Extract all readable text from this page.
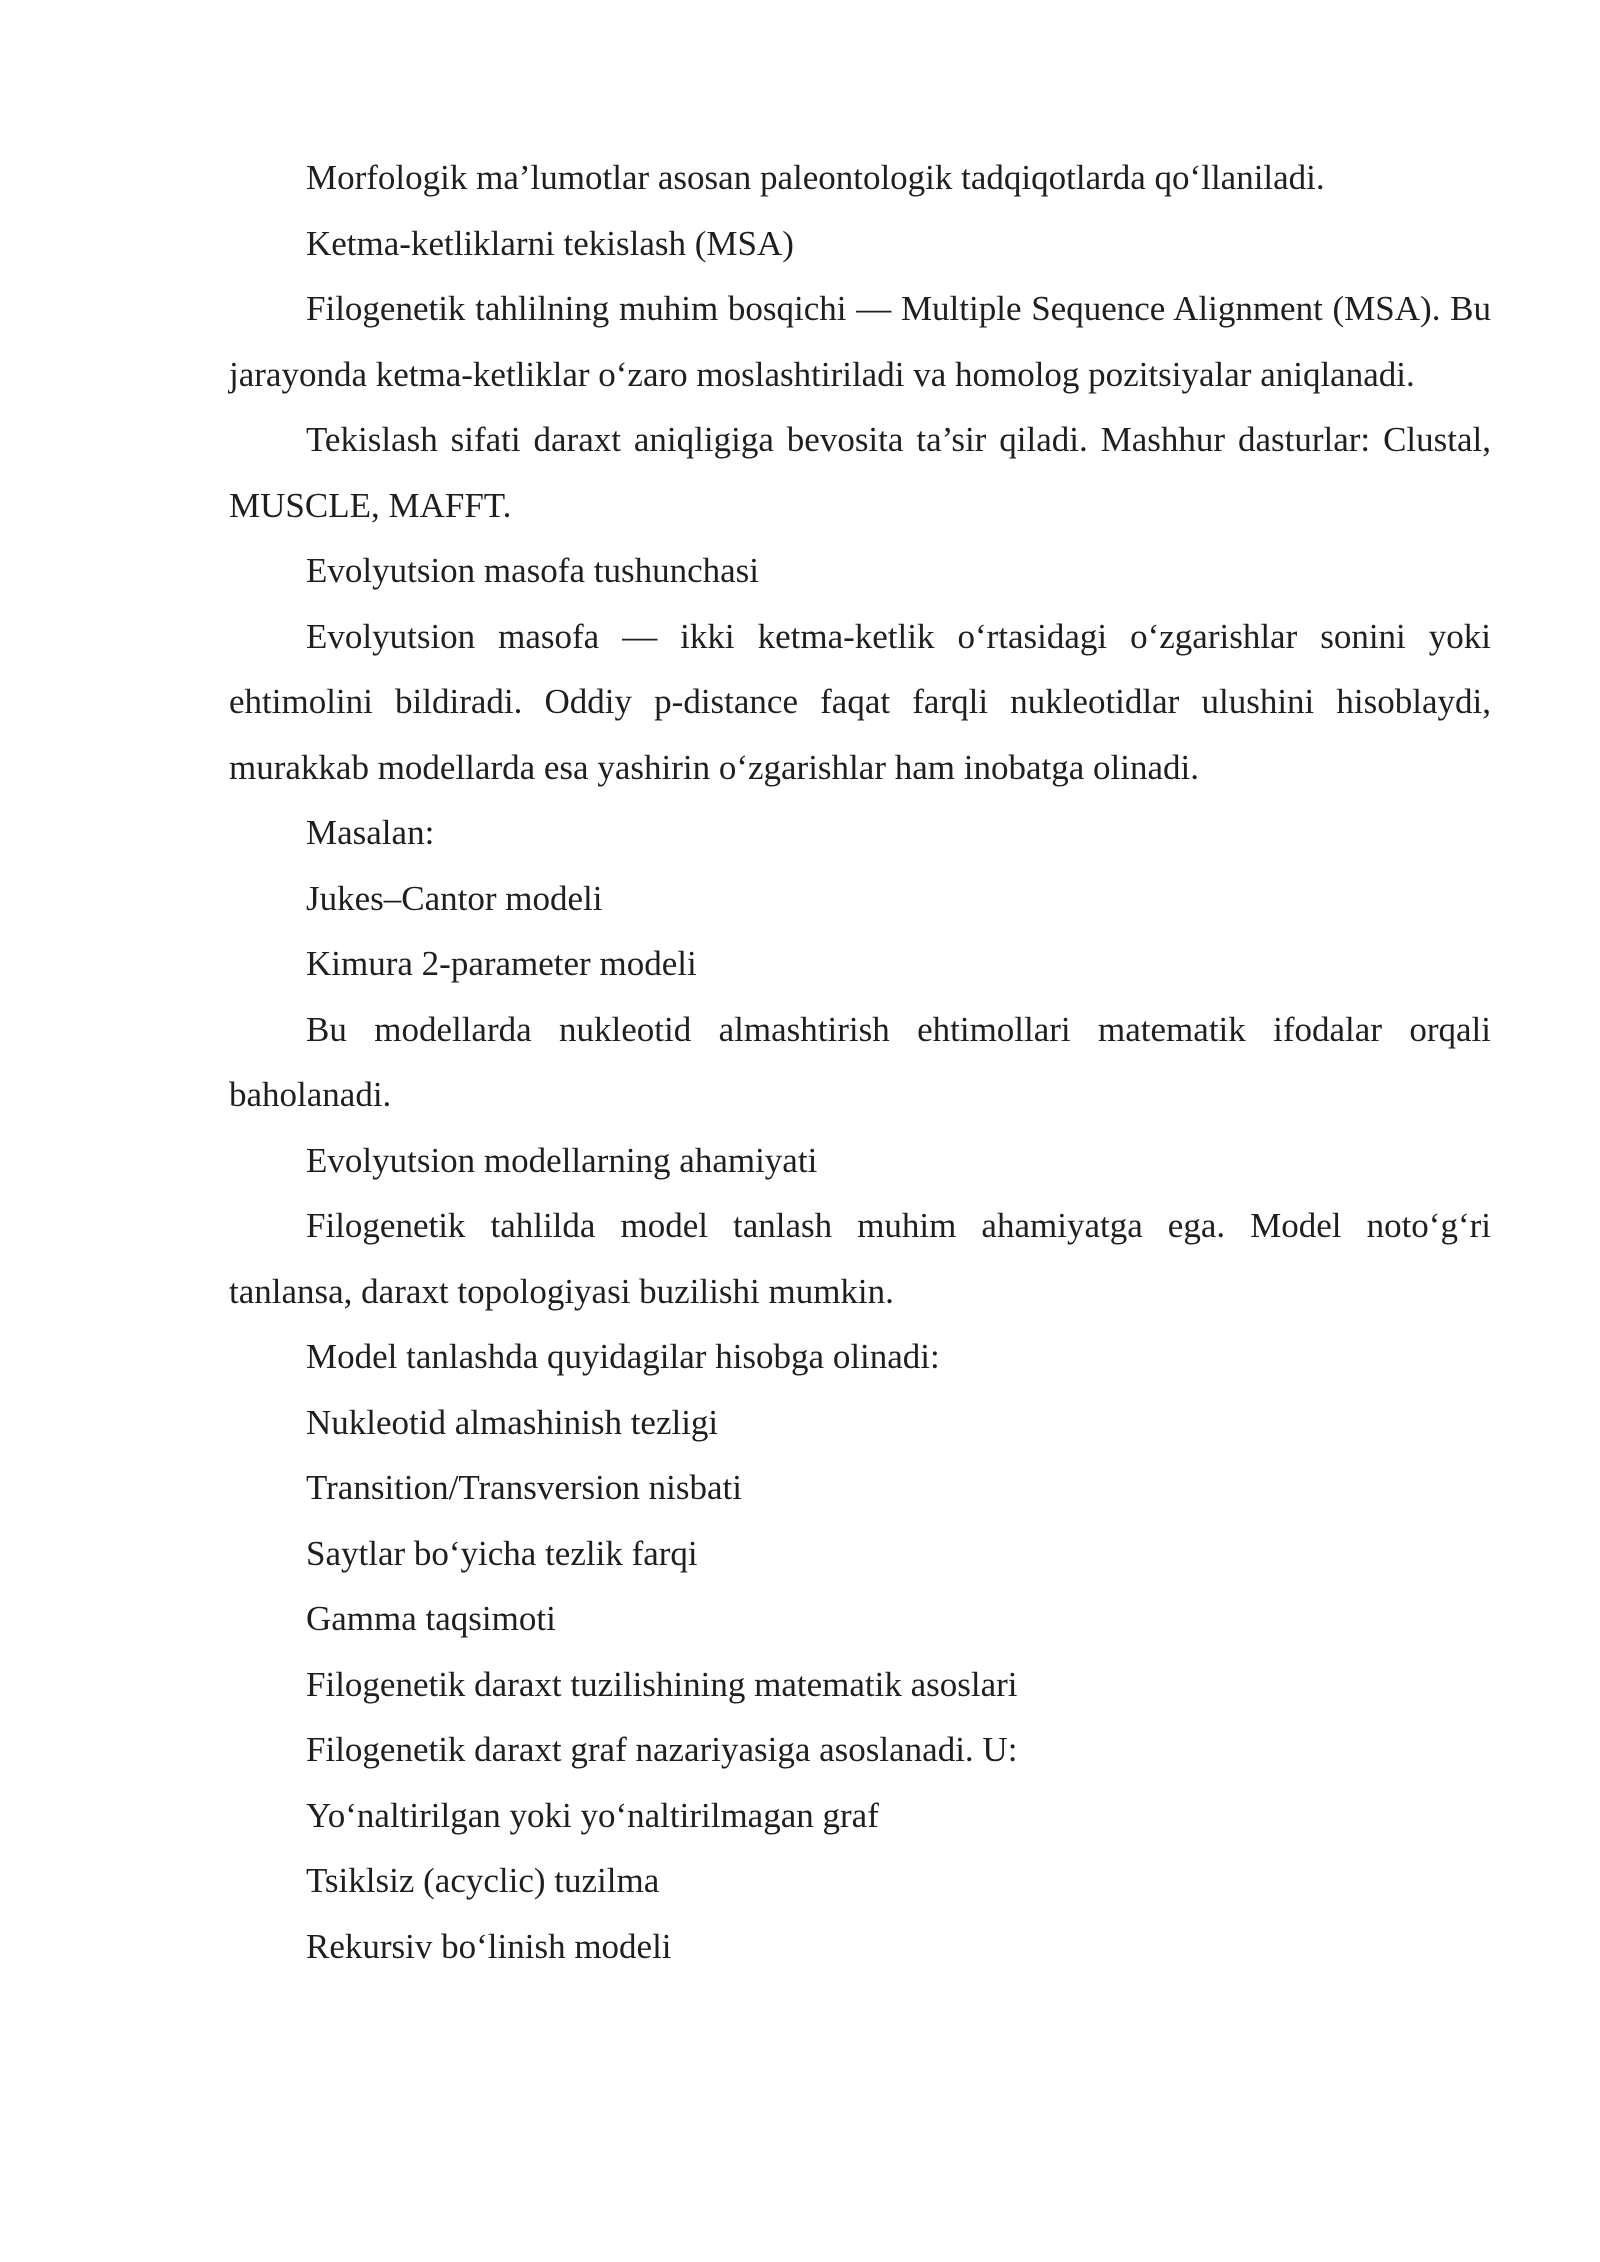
Morfologik ma’lumotlar asosan paleontologik tadqiqotlarda qo‘llaniladi.

Ketma-ketliklarni tekislash (MSA)

Filogenetik tahlilning muhim bosqichi — Multiple Sequence Alignment (MSA). Bu jarayonda ketma-ketliklar o‘zaro moslashtiriladi va homolog pozitsiyalar aniqlanadi.

Tekislash sifati daraxt aniqligiga bevosita ta’sir qiladi. Mashhur dasturlar: Clustal, MUSCLE, MAFFT.

Evolyutsion masofa tushunchasi

Evolyutsion masofa — ikki ketma-ketlik o‘rtasidagi o‘zgarishlar sonini yoki ehtimolini bildiradi. Oddiy p-distance faqat farqli nukleotidlar ulushini hisoblaydi, murakkab modellarda esa yashirin o‘zgarishlar ham inobatga olinadi.

Masalan:

Jukes–Cantor modeli

Kimura 2-parameter modeli

Bu modellarda nukleotid almashtirish ehtimollari matematik ifodalar orqali baholanadi.

Evolyutsion modellarning ahamiyati

Filogenetik tahlilda model tanlash muhim ahamiyatga ega. Model noto‘g‘ri tanlansa, daraxt topologiyasi buzilishi mumkin.

Model tanlashda quyidagilar hisobga olinadi:

Nukleotid almashinish tezligi

Transition/Transversion nisbati

Saytlar bo‘yicha tezlik farqi

Gamma taqsimoti

Filogenetik daraxt tuzilishining matematik asoslari

Filogenetik daraxt graf nazariyasiga asoslanadi. U:

Yo‘naltirilgan yoki yo‘naltirilmagan graf

Tsiklsiz (acyclic) tuzilma

Rekursiv bo‘linish modeli
